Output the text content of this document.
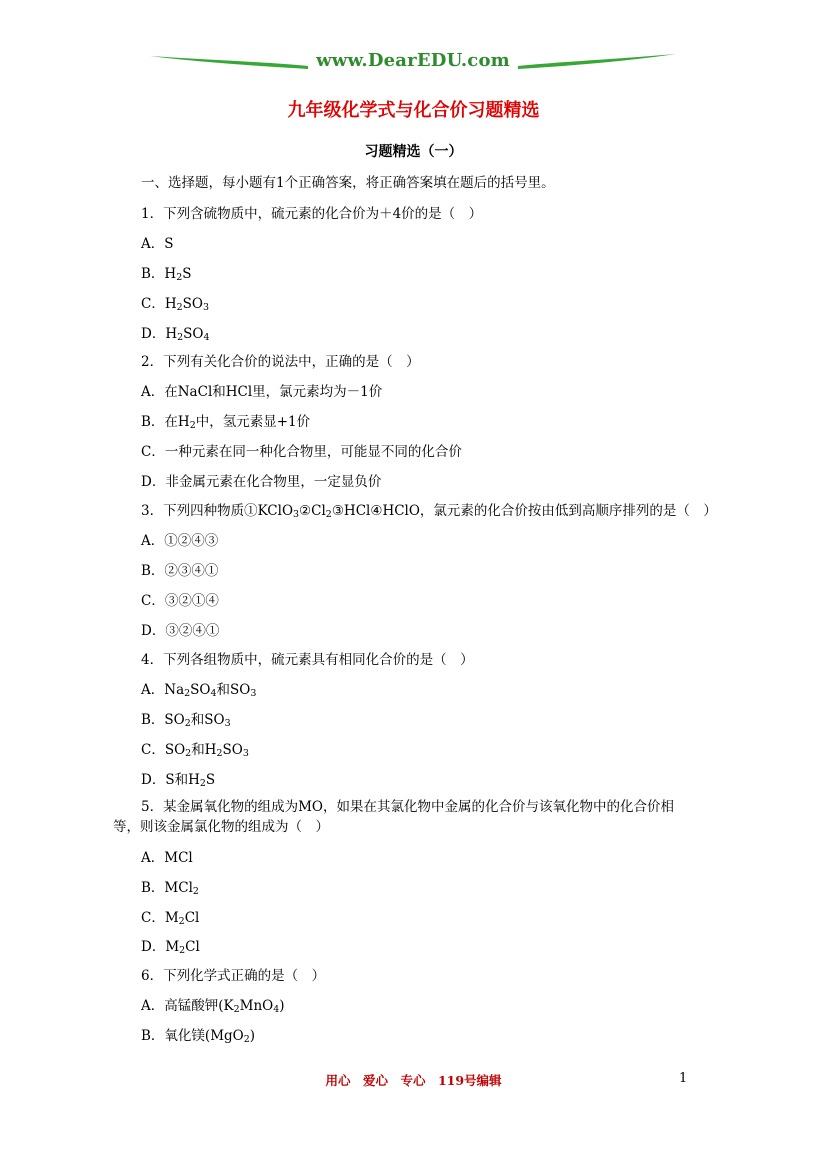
www.DearEDU.com
九年级化学式与化合价习题精选
习题精选（一）
一、选择题，每小题有1个正确答案，将正确答案填在题后的括号里。
1．下列含硫物质中，硫元素的化合价为＋4价的是（　）
A．S
B．$H_2S$
C．$H_2SO_3$
D．$H_2SO_4$
2．下列有关化合价的说法中，正确的是（　）
A．在NaCl和HCl里，氯元素均为－1价
B．在$H_2$中，氢元素显+1价
C．一种元素在同一种化合物里，可能显不同的化合价
D．非金属元素在化合物里，一定显负价
3．下列四种物质$①KClO_3②Cl_2③HCl④HClO$，氯元素的化合价按由低到高顺序排列的是（　）
A．①②④③
B．②③④①
C．③②①④
D．③②④①
4．下列各组物质中，硫元素具有相同化合价的是（　）
A．$Na_2SO_4$和$SO_3$
B．$SO_2$和$SO_3$
C．$SO_2$和$H_2SO_3$
D．S和$H_2S$
5．某金属氧化物的组成为MO，如果在其氯化物中金属的化合价与该氧化物中的化合价相等，则该金属氯化物的组成为（　）
A．MCl
B．MCl$_2$
C．$M_2Cl$
D．$M_2Cl$
6．下列化学式正确的是（　）
A．高锰酸钾$(K_2MnO_4)$
B．氧化镁(MgO$_2$)
用心　爱心　专心　119号编辑	1
